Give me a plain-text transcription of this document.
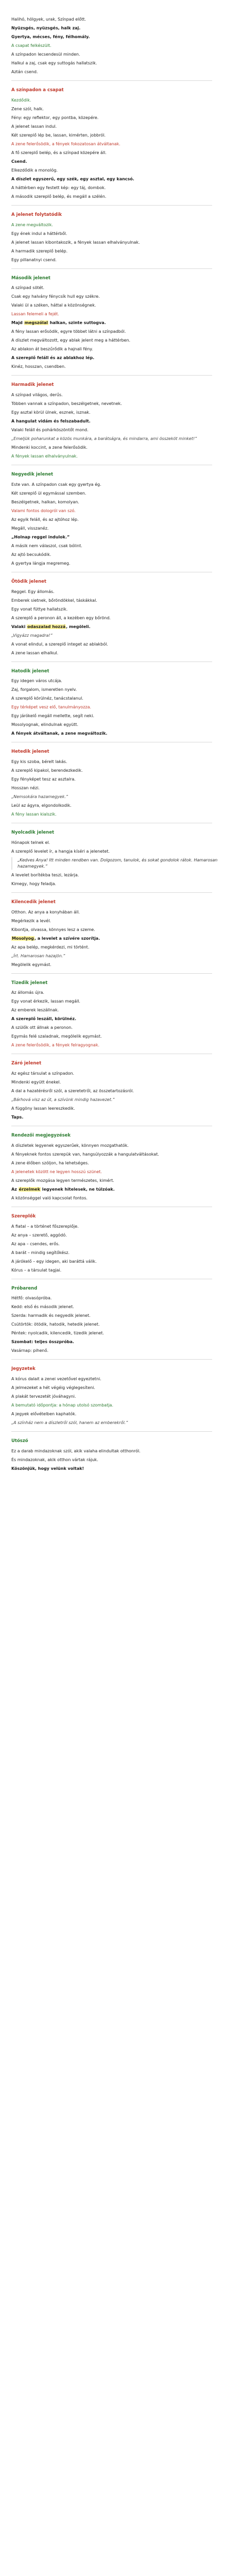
Halihó, hölgyek, urak, Színpad előtt.

Nyüzsgés, nyüzsgés, halk zaj.

Gyertya, mécses, fény, félhomály.

A csapat felkészült.

A színpadon lecsendesül minden.

Halkul a zaj, csak egy suttogás hallatszik.

Aztán csend.

A színpadon a csapat

Kezdődik.

Zene szól, halk.

Fény: egy reflektor, egy pontba, közepére.

A jelenet lassan indul.

Két szereplő lép be, lassan, kimérten, jobbról.

A zene felerősödik, a fények fokozatosan átváltanak.

A fő szereplő belép, és a színpad közepére áll.

Csend.

Elkezdődik a monológ.

A díszlet egyszerű, egy szék, egy asztal, egy kancsó.

A háttérben egy festett kép: egy táj, dombok.

A második szereplő belép, és megáll a szélén.

A jelenet folytatódik

A zene megváltozik.

Egy ének indul a háttérből.

A jelenet lassan kibontakozik, a fények lassan elhalványulnak.

A harmadik szereplő belép.

Egy pillanatnyi csend.

Második jelenet

A színpad sötét.

Csak egy halvány fénycsík hull egy székre.

Valaki ül a széken, háttal a közönségnek.

Lassan felemeli a fejét.

Majd megszólal halkan, szinte suttogva.

A fény lassan erősödik, egyre többet látni a színpadból.

A díszlet megváltozott, egy ablak jelent meg a háttérben.

Az ablakon át beszűrődik a hajnali fény.

A szereplő feláll és az ablakhoz lép.

Kinéz, hosszan, csendben.

Harmadik jelenet

A színpad világos, derűs.

Többen vannak a színpadon, beszélgetnek, nevetnek.

Egy asztal körül ülnek, esznek, isznak.

A hangulat vidám és felszabadult.

Valaki feláll és pohárköszöntőt mond.

„Emeljük poharunkat a közös munkára, a barátságra, és mindarra, ami összeköt minket!”

Mindenki koccint, a zene felerősödik.

A fények lassan elhalványulnak.

Negyedik jelenet

Este van. A színpadon csak egy gyertya ég.

Két szereplő ül egymással szemben.

Beszélgetnek, halkan, komolyan.

Valami fontos dologról van szó.

Az egyik feláll, és az ajtóhoz lép.

Megáll, visszanéz.

„Holnap reggel indulok.”

A másik nem válaszol, csak bólint.

Az ajtó becsukódik.

A gyertya lángja megremeg.

Ötödik jelenet

Reggel. Egy állomás.

Emberek sietnek, bőröndökkel, táskákkal.

Egy vonat füttye hallatszik.

A szereplő a peronon áll, a kezében egy bőrönd.

Valaki odaszalad hozzá, megöleli.

„Vigyázz magadra!”

A vonat elindul, a szereplő integet az ablakból.

A zene lassan elhalkul.

Hatodik jelenet

Egy idegen város utcája.

Zaj, forgalom, ismeretlen nyelv.

A szereplő körülnéz, tanácstalanul.

Egy térképet vesz elő, tanulmányozza.

Egy járókelő megáll mellette, segít neki.

Mosolyognak, elindulnak együtt.

A fények átváltanak, a zene megváltozik.

Hetedik jelenet

Egy kis szoba, bérelt lakás.

A szereplő kipakol, berendezkedik.

Egy fényképet tesz az asztalra.

Hosszan nézi.

„Nemsokára hazamegyek.”

Leül az ágyra, elgondolkodik.

A fény lassan kialszik.

Nyolcadik jelenet

Hónapok telnek el.

A szereplő levelet ír, a hangja kíséri a jelenetet.

„Kedves Anya! Itt minden rendben van. Dolgozom, tanulok, és sokat gondolok rátok. Hamarosan hazamegyek.”

A levelet borítékba teszi, lezárja.

Kimegy, hogy feladja.

Kilencedik jelenet

Otthon. Az anya a konyhában áll.

Megérkezik a levél.

Kibontja, olvassa, könnyes lesz a szeme.

Mosolyog, a levelet a szívére szorítja.

Az apa belép, megkérdezi, mi történt.

„Írt. Hamarosan hazajön.”

Megölelik egymást.

Tizedik jelenet

Az állomás újra.

Egy vonat érkezik, lassan megáll.

Az emberek leszállnak.

A szereplő leszáll, körülnéz.

A szülők ott állnak a peronon.

Egymás felé szaladnak, megölelik egymást.

A zene felerősödik, a fények felragyognak.

Záró jelenet

Az egész társulat a színpadon.

Mindenki együtt énekel.

A dal a hazatérésről szól, a szeretetről, az összetartozásról.

„Bárhová visz az út, a szívünk mindig hazavezet.”

A függöny lassan leereszkedik.

Taps.

Rendezői megjegyzések

A díszletek legyenek egyszerűek, könnyen mozgathatók.

A fényeknek fontos szerepük van, hangsúlyozzák a hangulatváltásokat.

A zene élőben szóljon, ha lehetséges.

A jelenetek között ne legyen hosszú szünet.

A szereplők mozgása legyen természetes, kimért.

Az érzelmek legyenek hitelesek, ne túlzóak.

A közönséggel való kapcsolat fontos.

Szereplők

A fiatal – a történet főszereplője.

Az anya – szerető, aggódó.

Az apa – csendes, erős.

A barát – mindig segítőkész.

A járókelő – egy idegen, aki baráttá válik.

Kórus – a társulat tagjai.

Próbarend

Hétfő: olvasópróba.

Kedd: első és második jelenet.

Szerda: harmadik és negyedik jelenet.

Csütörtök: ötödik, hatodik, hetedik jelenet.

Péntek: nyolcadik, kilencedik, tizedik jelenet.

Szombat: teljes összpróba.

Vasárnap: pihenő.

Jegyzetek

A kórus dalait a zenei vezetővel egyeztetni.

A jelmezeket a hét végéig véglegesíteni.

A plakát tervezetét jóváhagyni.

A bemutató időpontja: a hónap utolsó szombatja.

A jegyek elővételben kaphatók.

„A színház nem a díszletről szól, hanem az emberekről.”

Utószó

Ez a darab mindazoknak szól, akik valaha elindultak otthonról.

És mindazoknak, akik otthon vártak rájuk.

Köszönjük, hogy velünk voltak!
